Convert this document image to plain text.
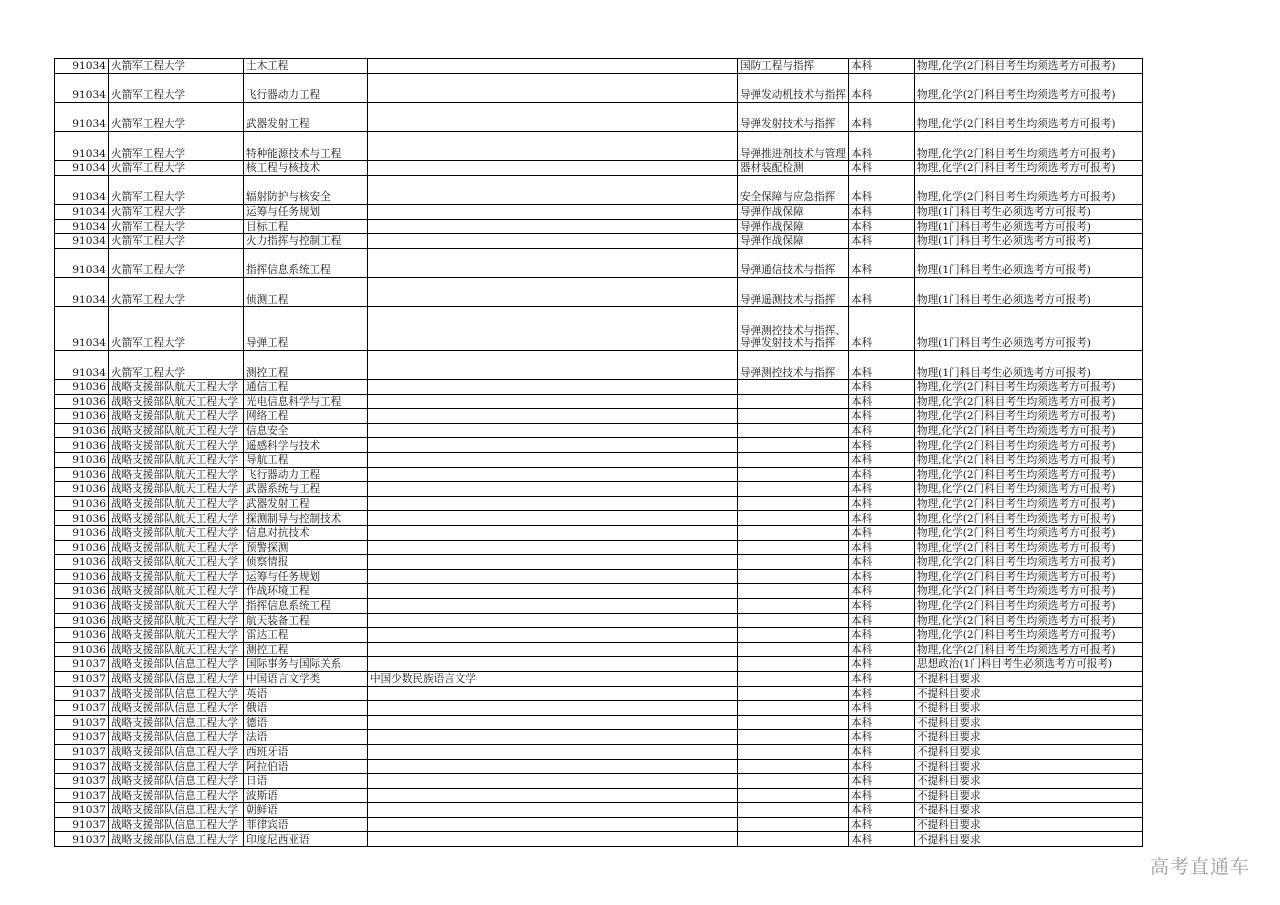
91034	火箭军工程大学	土木工程		国防工程与指挥	本科	物理,化学(2门科目考生均须选考方可报考)
91034	火箭军工程大学	飞行器动力工程		导弹发动机技术与指挥	本科	物理,化学(2门科目考生均须选考方可报考)
91034	火箭军工程大学	武器发射工程		导弹发射技术与指挥	本科	物理,化学(2门科目考生均须选考方可报考)
91034	火箭军工程大学	特种能源技术与工程		导弹推进剂技术与管理	本科	物理,化学(2门科目考生均须选考方可报考)
91034	火箭军工程大学	核工程与核技术		器材装配检测	本科	物理,化学(2门科目考生均须选考方可报考)
91034	火箭军工程大学	辐射防护与核安全		安全保障与应急指挥	本科	物理,化学(2门科目考生均须选考方可报考)
91034	火箭军工程大学	运筹与任务规划		导弹作战保障	本科	物理(1门科目考生必须选考方可报考)
91034	火箭军工程大学	目标工程		导弹作战保障	本科	物理(1门科目考生必须选考方可报考)
91034	火箭军工程大学	火力指挥与控制工程		导弹作战保障	本科	物理(1门科目考生必须选考方可报考)
91034	火箭军工程大学	指挥信息系统工程		导弹通信技术与指挥	本科	物理(1门科目考生必须选考方可报考)
91034	火箭军工程大学	侦测工程		导弹遥测技术与指挥	本科	物理(1门科目考生必须选考方可报考)
91034	火箭军工程大学	导弹工程		导弹测控技术与指挥、导弹发射技术与指挥	本科	物理(1门科目考生必须选考方可报考)
91034	火箭军工程大学	测控工程		导弹测控技术与指挥	本科	物理(1门科目考生必须选考方可报考)
91036	战略支援部队航天工程大学	通信工程			本科	物理,化学(2门科目考生均须选考方可报考)
91036	战略支援部队航天工程大学	光电信息科学与工程			本科	物理,化学(2门科目考生均须选考方可报考)
91036	战略支援部队航天工程大学	网络工程			本科	物理,化学(2门科目考生均须选考方可报考)
91036	战略支援部队航天工程大学	信息安全			本科	物理,化学(2门科目考生均须选考方可报考)
91036	战略支援部队航天工程大学	遥感科学与技术			本科	物理,化学(2门科目考生均须选考方可报考)
91036	战略支援部队航天工程大学	导航工程			本科	物理,化学(2门科目考生均须选考方可报考)
91036	战略支援部队航天工程大学	飞行器动力工程			本科	物理,化学(2门科目考生均须选考方可报考)
91036	战略支援部队航天工程大学	武器系统与工程			本科	物理,化学(2门科目考生均须选考方可报考)
91036	战略支援部队航天工程大学	武器发射工程			本科	物理,化学(2门科目考生均须选考方可报考)
91036	战略支援部队航天工程大学	探测制导与控制技术			本科	物理,化学(2门科目考生均须选考方可报考)
91036	战略支援部队航天工程大学	信息对抗技术			本科	物理,化学(2门科目考生均须选考方可报考)
91036	战略支援部队航天工程大学	预警探测			本科	物理,化学(2门科目考生均须选考方可报考)
91036	战略支援部队航天工程大学	侦察情报			本科	物理,化学(2门科目考生均须选考方可报考)
91036	战略支援部队航天工程大学	运筹与任务规划			本科	物理,化学(2门科目考生均须选考方可报考)
91036	战略支援部队航天工程大学	作战环境工程			本科	物理,化学(2门科目考生均须选考方可报考)
91036	战略支援部队航天工程大学	指挥信息系统工程			本科	物理,化学(2门科目考生均须选考方可报考)
91036	战略支援部队航天工程大学	航天装备工程			本科	物理,化学(2门科目考生均须选考方可报考)
91036	战略支援部队航天工程大学	雷达工程			本科	物理,化学(2门科目考生均须选考方可报考)
91036	战略支援部队航天工程大学	测控工程			本科	物理,化学(2门科目考生均须选考方可报考)
91037	战略支援部队信息工程大学	国际事务与国际关系			本科	思想政治(1门科目考生必须选考方可报考)
91037	战略支援部队信息工程大学	中国语言文学类	中国少数民族语言文学		本科	不提科目要求
91037	战略支援部队信息工程大学	英语			本科	不提科目要求
91037	战略支援部队信息工程大学	俄语			本科	不提科目要求
91037	战略支援部队信息工程大学	德语			本科	不提科目要求
91037	战略支援部队信息工程大学	法语			本科	不提科目要求
91037	战略支援部队信息工程大学	西班牙语			本科	不提科目要求
91037	战略支援部队信息工程大学	阿拉伯语			本科	不提科目要求
91037	战略支援部队信息工程大学	日语			本科	不提科目要求
91037	战略支援部队信息工程大学	波斯语			本科	不提科目要求
91037	战略支援部队信息工程大学	朝鲜语			本科	不提科目要求
91037	战略支援部队信息工程大学	菲律宾语			本科	不提科目要求
91037	战略支援部队信息工程大学	印度尼西亚语			本科	不提科目要求
高考直通车
